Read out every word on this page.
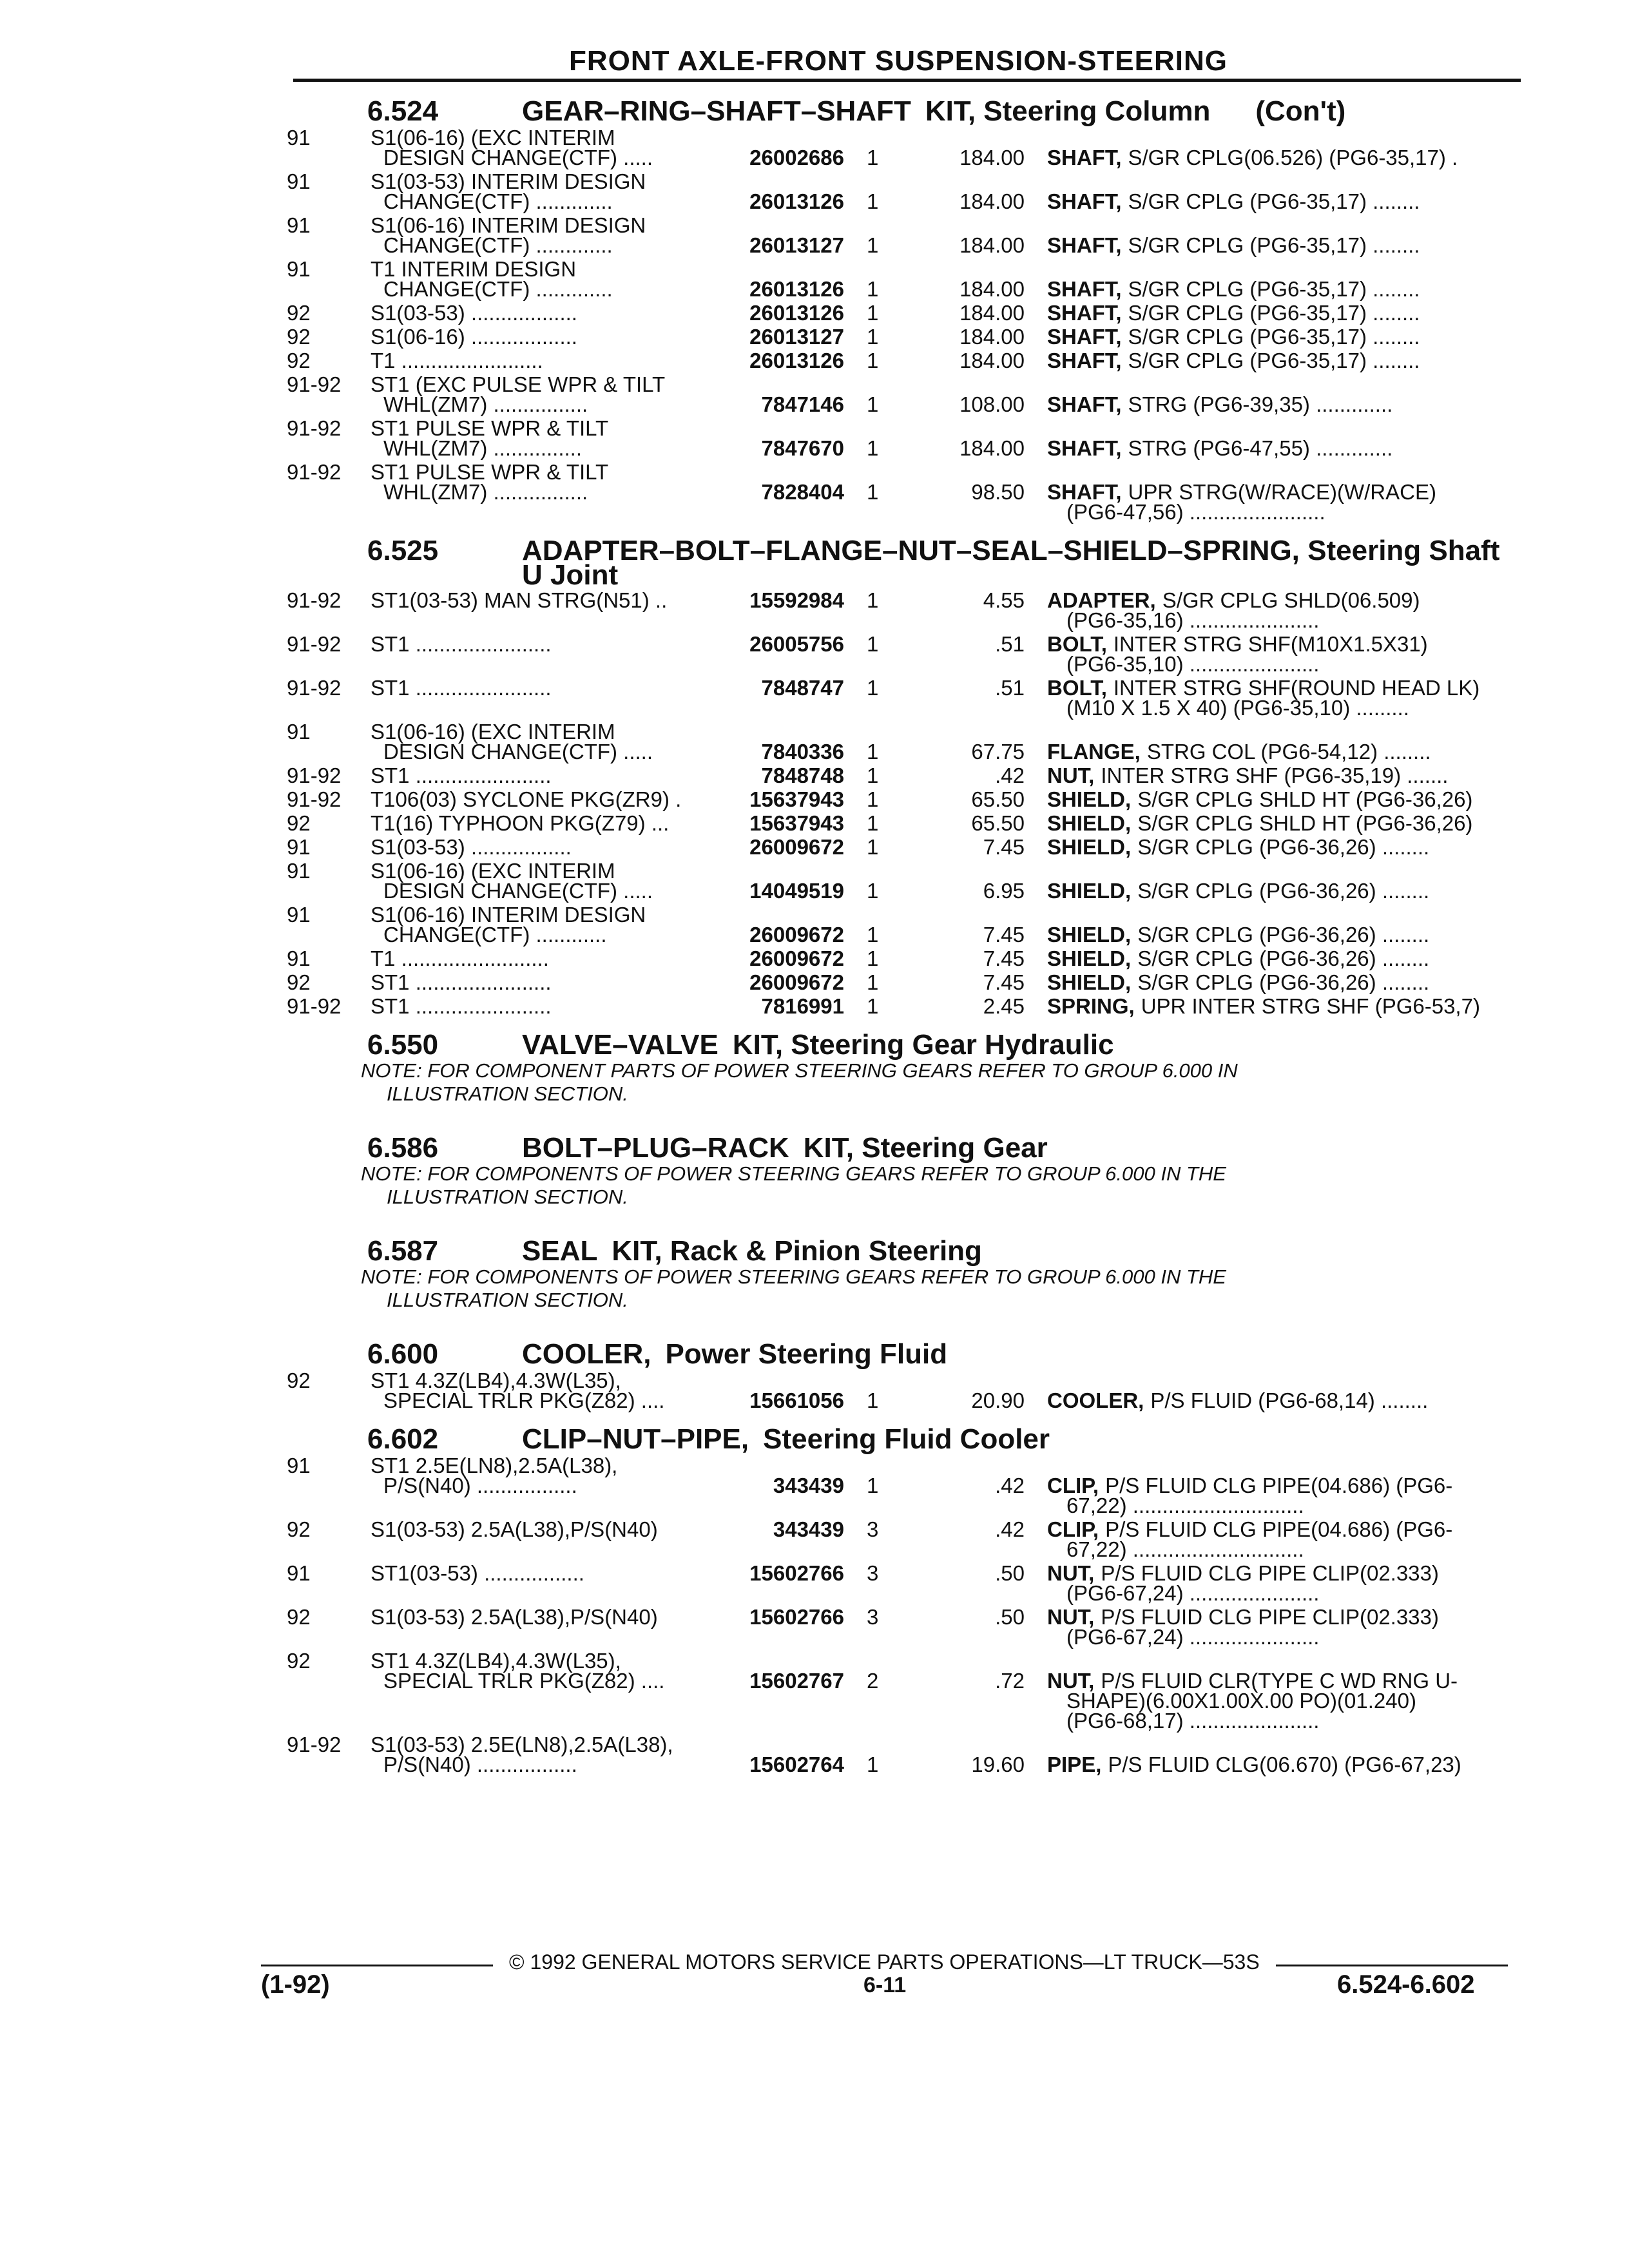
FRONT AXLE-FRONT SUSPENSION-STEERING
6.524	GEAR–RING–SHAFT–SHAFT KIT, Steering Column (Con't)
91	S1(06-16) (EXC INTERIM
DESIGN CHANGE(CTF) .....	26002686 1	184.00 SHAFT, S/GR CPLG(06.526) (PG6-35,17) .
91	S1(03-53) INTERIM DESIGN
CHANGE(CTF) .............	26013126 1	184.00 SHAFT, S/GR CPLG (PG6-35,17) ........
91	S1(06-16) INTERIM DESIGN
CHANGE(CTF) .............	26013127 1	184.00 SHAFT, S/GR CPLG (PG6-35,17) ........
91	T1 INTERIM DESIGN
CHANGE(CTF) .............	26013126 1	184.00 SHAFT, S/GR CPLG (PG6-35,17) ........
92	S1(03-53) ..................	26013126 1	184.00 SHAFT, S/GR CPLG (PG6-35,17) ........
92	S1(06-16) ..................	26013127 1	184.00 SHAFT, S/GR CPLG (PG6-35,17) ........
92	T1 ........................	26013126 1	184.00 SHAFT, S/GR CPLG (PG6-35,17) ........
91-92 ST1 (EXC PULSE WPR & TILT
WHL(ZM7) ................	7847146 1	108.00 SHAFT, STRG (PG6-39,35) .............
91-92 ST1 PULSE WPR & TILT
WHL(ZM7) ...............	7847670 1	184.00 SHAFT, STRG (PG6-47,55) .............
91-92 ST1 PULSE WPR & TILT
WHL(ZM7) ................	7828404 1	98.50 SHAFT, UPR STRG(W/RACE)(W/RACE)
(PG6-47,56) .......................
6.525	ADAPTER–BOLT–FLANGE–NUT–SEAL–SHIELD–SPRING, Steering Shaft
U Joint
91-92 ST1(03-53) MAN STRG(N51) ..	15592984 1	4.55 ADAPTER, S/GR CPLG SHLD(06.509)
(PG6-35,16) ......................
91-92 ST1 .......................	26005756 1	.51 BOLT, INTER STRG SHF(M10X1.5X31)
(PG6-35,10) ......................
91-92 ST1 .......................	7848747 1	.51 BOLT, INTER STRG SHF(ROUND HEAD LK)
(M10 X 1.5 X 40) (PG6-35,10) .........
91	S1(06-16) (EXC INTERIM
DESIGN CHANGE(CTF) .....	7840336 1	67.75 FLANGE, STRG COL (PG6-54,12) ........
91-92 ST1 .......................	7848748 1	.42 NUT, INTER STRG SHF (PG6-35,19) .......
91-92 T106(03) SYCLONE PKG(ZR9) .	15637943 1	65.50 SHIELD, S/GR CPLG SHLD HT (PG6-36,26)
92	T1(16) TYPHOON PKG(Z79) ...	15637943 1	65.50 SHIELD, S/GR CPLG SHLD HT (PG6-36,26)
91	S1(03-53) .................	26009672 1	7.45 SHIELD, S/GR CPLG (PG6-36,26) ........
91	S1(06-16) (EXC INTERIM
DESIGN CHANGE(CTF) .....	14049519 1	6.95 SHIELD, S/GR CPLG (PG6-36,26) ........
91	S1(06-16) INTERIM DESIGN
CHANGE(CTF) ............	26009672 1	7.45 SHIELD, S/GR CPLG (PG6-36,26) ........
91	T1 .........................	26009672 1	7.45 SHIELD, S/GR CPLG (PG6-36,26) ........
92	ST1 .......................	26009672 1	7.45 SHIELD, S/GR CPLG (PG6-36,26) ........
91-92 ST1 .......................	7816991 1	2.45 SPRING, UPR INTER STRG SHF (PG6-53,7)
6.550	VALVE–VALVE KIT, Steering Gear Hydraulic
NOTE: FOR COMPONENT PARTS OF POWER STEERING GEARS REFER TO GROUP 6.000 IN
ILLUSTRATION SECTION.
6.586	BOLT–PLUG–RACK KIT, Steering Gear
NOTE: FOR COMPONENTS OF POWER STEERING GEARS REFER TO GROUP 6.000 IN THE
ILLUSTRATION SECTION.
6.587	SEAL KIT, Rack & Pinion Steering
NOTE: FOR COMPONENTS OF POWER STEERING GEARS REFER TO GROUP 6.000 IN THE
ILLUSTRATION SECTION.
6.600	COOLER, Power Steering Fluid
92	ST1 4.3Z(LB4),4.3W(L35),
SPECIAL TRLR PKG(Z82) ....	15661056 1	20.90 COOLER, P/S FLUID (PG6-68,14) ........
6.602	CLIP–NUT–PIPE, Steering Fluid Cooler
91	ST1 2.5E(LN8),2.5A(L38),
P/S(N40) .................	343439 1	.42 CLIP, P/S FLUID CLG PIPE(04.686) (PG6-
67,22) .............................
92	S1(03-53) 2.5A(L38),P/S(N40)	343439 3	.42 CLIP, P/S FLUID CLG PIPE(04.686) (PG6-
67,22) .............................
91	ST1(03-53) .................	15602766 3	.50 NUT, P/S FLUID CLG PIPE CLIP(02.333)
(PG6-67,24) ......................
92	S1(03-53) 2.5A(L38),P/S(N40)	15602766 3	.50 NUT, P/S FLUID CLG PIPE CLIP(02.333)
(PG6-67,24) ......................
92	ST1 4.3Z(LB4),4.3W(L35),
SPECIAL TRLR PKG(Z82) ....	15602767 2	.72 NUT, P/S FLUID CLR(TYPE C WD RNG U-
SHAPE)(6.00X1.00X.00 PO)(01.240)
(PG6-68,17) ......................
91-92 S1(03-53) 2.5E(LN8),2.5A(L38),
P/S(N40) .................	15602764 1	19.60 PIPE, P/S FLUID CLG(06.670) (PG6-67,23)
© 1992 GENERAL MOTORS SERVICE PARTS OPERATIONS—LT TRUCK—53S
(1-92)	6-11	6.524-6.602
